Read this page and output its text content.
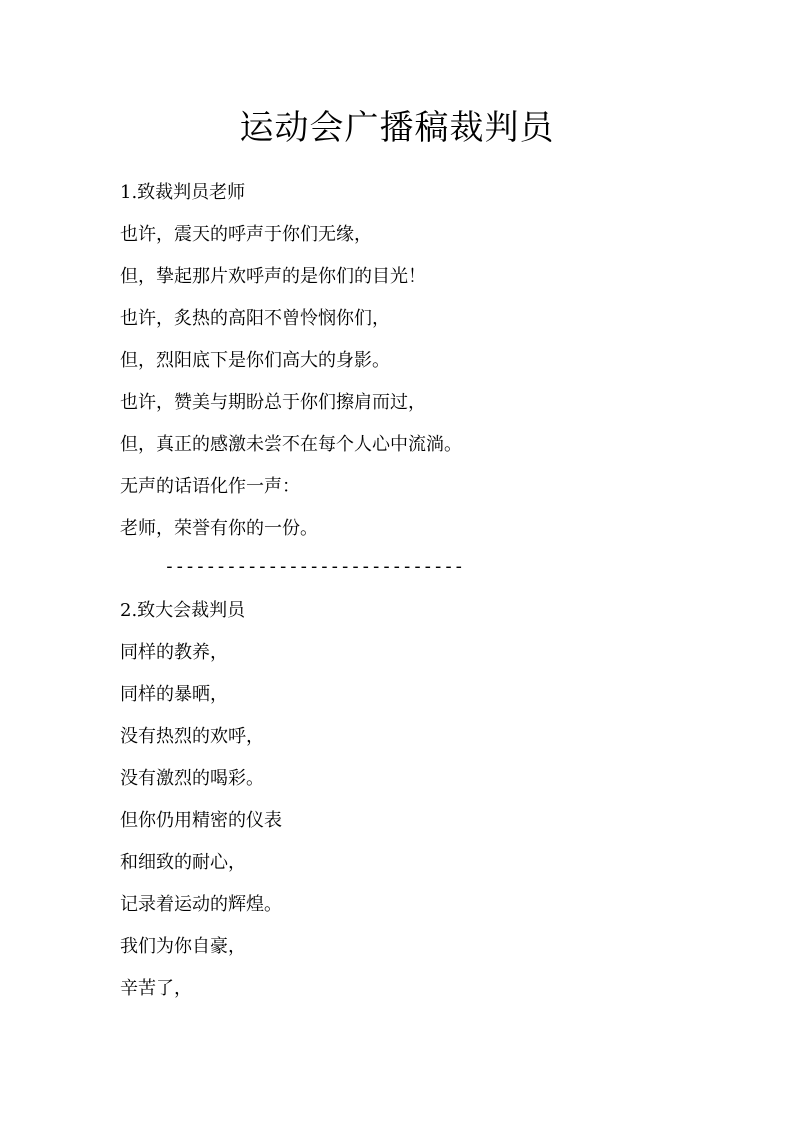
运动会广播稿裁判员
1.致裁判员老师
也许，震天的呼声于你们无缘，
但，挚起那片欢呼声的是你们的目光！
也许，炙热的高阳不曾怜悯你们，
但，烈阳底下是你们高大的身影。
也许，赞美与期盼总于你们擦肩而过，
但，真正的感激未尝不在每个人心中流淌。
无声的话语化作一声：
老师，荣誉有你的一份。
-----------------------------
2.致大会裁判员
同样的教养，
同样的暴晒，
没有热烈的欢呼，
没有激烈的喝彩。
但你仍用精密的仪表
和细致的耐心，
记录着运动的辉煌。
我们为你自豪，
辛苦了，
